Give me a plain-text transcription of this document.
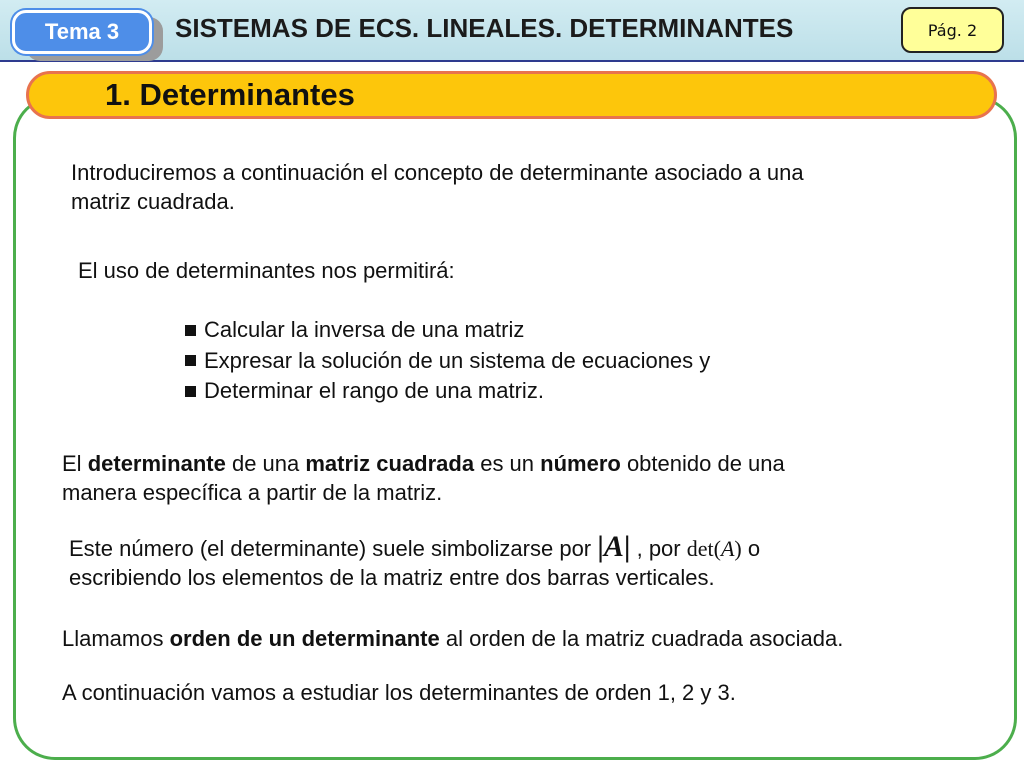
Tema 3 SISTEMAS DE ECS. LINEALES. DETERMINANTES	Pág. 2
1. Determinantes
Introduciremos a continuación el concepto de determinante asociado a una
matriz cuadrada.
El uso de determinantes nos permitirá:
Calcular la inversa de una matriz
Expresar la solución de un sistema de ecuaciones y
Determinar el rango de una matriz.
El determinante de una matriz cuadrada es un número obtenido de una
manera específica a partir de la matriz.
Este número (el determinante) suele simbolizarse por |A| , por det(A) o
escribiendo los elementos de la matriz entre dos barras verticales.
Llamamos orden de un determinante al orden de la matriz cuadrada asociada.
A continuación vamos a estudiar los determinantes de orden 1, 2 y 3.
